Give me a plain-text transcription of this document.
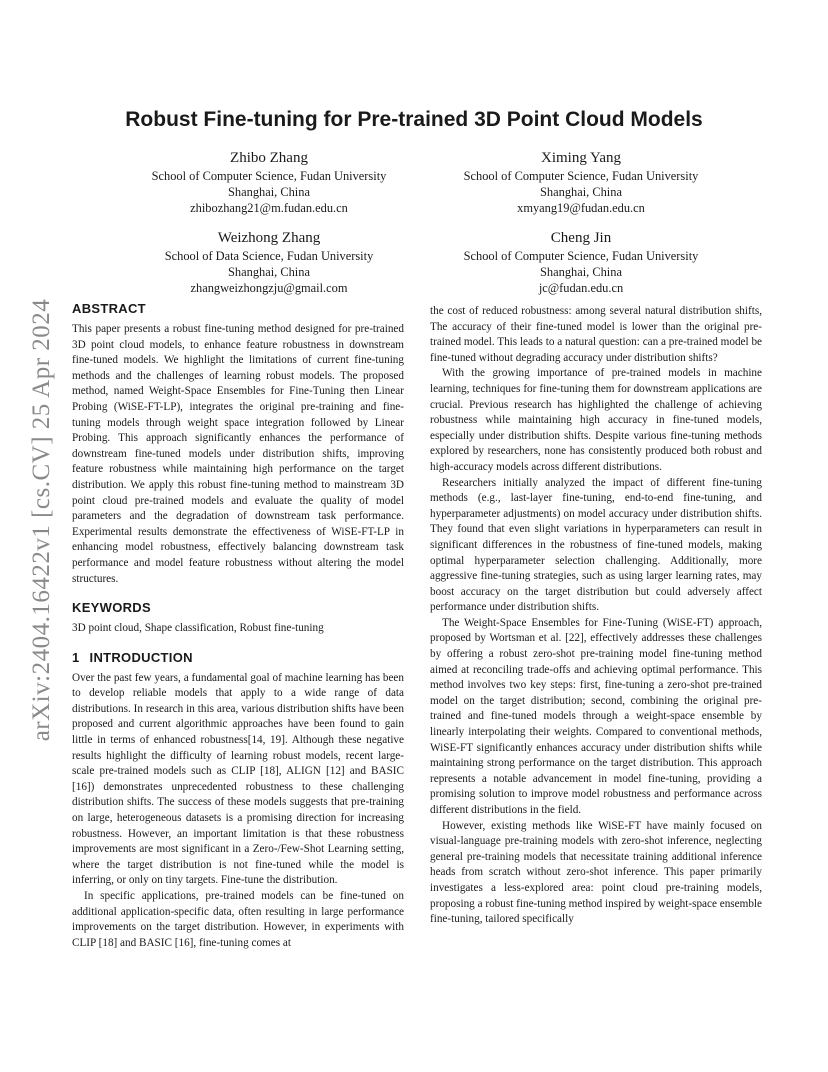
arXiv:2404.16422v1 [cs.CV] 25 Apr 2024
Robust Fine-tuning for Pre-trained 3D Point Cloud Models
Zhibo Zhang
School of Computer Science, Fudan University
Shanghai, China
zhibozhang21@m.fudan.edu.cn
Ximing Yang
School of Computer Science, Fudan University
Shanghai, China
xmyang19@fudan.edu.cn
Weizhong Zhang
School of Data Science, Fudan University
Shanghai, China
zhangweizhongzju@gmail.com
Cheng Jin
School of Computer Science, Fudan University
Shanghai, China
jc@fudan.edu.cn
ABSTRACT

This paper presents a robust fine-tuning method designed for pre-trained 3D point cloud models, to enhance feature robustness in downstream fine-tuned models. We highlight the limitations of current fine-tuning methods and the challenges of learning robust models. The proposed method, named Weight-Space Ensembles for Fine-Tuning then Linear Probing (WiSE-FT-LP), integrates the original pre-training and fine-tuning models through weight space integration followed by Linear Probing. This approach significantly enhances the performance of downstream fine-tuned models under distribution shifts, improving feature robustness while maintaining high performance on the target distribution. We apply this robust fine-tuning method to mainstream 3D point cloud pre-trained models and evaluate the quality of model parameters and the degradation of downstream task performance. Experimental results demonstrate the effectiveness of WiSE-FT-LP in enhancing model robustness, effectively balancing downstream task performance and model feature robustness without altering the model structures.

KEYWORDS

3D point cloud, Shape classification, Robust fine-tuning

1 INTRODUCTION

Over the past few years, a fundamental goal of machine learning has been to develop reliable models that apply to a wide range of data distributions. In research in this area, various distribution shifts have been proposed and current algorithmic approaches have been found to gain little in terms of enhanced robustness[14, 19]. Although these negative results highlight the difficulty of learning robust models, recent large-scale pre-trained models such as CLIP [18], ALIGN [12] and BASIC [16]) demonstrates unprecedented robustness to these challenging distribution shifts. The success of these models suggests that pre-training on large, heterogeneous datasets is a promising direction for increasing robustness. However, an important limitation is that these robustness improvements are most significant in a Zero-/Few-Shot Learning setting, where the target distribution is not fine-tuned while the model is inferring, or only on tiny targets. Fine-tune the distribution.

In specific applications, pre-trained models can be fine-tuned on additional application-specific data, often resulting in large performance improvements on the target distribution. However, in experiments with CLIP [18] and BASIC [16], fine-tuning comes at

the cost of reduced robustness: among several natural distribution shifts, The accuracy of their fine-tuned model is lower than the original pre-trained model. This leads to a natural question: can a pre-trained model be fine-tuned without degrading accuracy under distribution shifts?

With the growing importance of pre-trained models in machine learning, techniques for fine-tuning them for downstream applications are crucial. Previous research has highlighted the challenge of achieving robustness while maintaining high accuracy in fine-tuned models, especially under distribution shifts. Despite various fine-tuning methods explored by researchers, none has consistently produced both robust and high-accuracy models across different distributions.

Researchers initially analyzed the impact of different fine-tuning methods (e.g., last-layer fine-tuning, end-to-end fine-tuning, and hyperparameter adjustments) on model accuracy under distribution shifts. They found that even slight variations in hyperparameters can result in significant differences in the robustness of fine-tuned models, making optimal hyperparameter selection challenging. Additionally, more aggressive fine-tuning strategies, such as using larger learning rates, may boost accuracy on the target distribution but could adversely affect performance under distribution shifts.

The Weight-Space Ensembles for Fine-Tuning (WiSE-FT) approach, proposed by Wortsman et al. [22], effectively addresses these challenges by offering a robust zero-shot pre-training model fine-tuning method aimed at reconciling trade-offs and achieving optimal performance. This method involves two key steps: first, fine-tuning a zero-shot pre-trained model on the target distribution; second, combining the original pre-trained and fine-tuned models through a weight-space ensemble by linearly interpolating their weights. Compared to conventional methods, WiSE-FT significantly enhances accuracy under distribution shifts while maintaining strong performance on the target distribution. This approach represents a notable advancement in model fine-tuning, providing a promising solution to improve model robustness and performance across different distributions in the field.

However, existing methods like WiSE-FT have mainly focused on visual-language pre-training models with zero-shot inference, neglecting general pre-training models that necessitate training additional inference heads from scratch without zero-shot inference. This paper primarily investigates a less-explored area: point cloud pre-training models, proposing a robust fine-tuning method inspired by weight-space ensemble fine-tuning, tailored specifically
